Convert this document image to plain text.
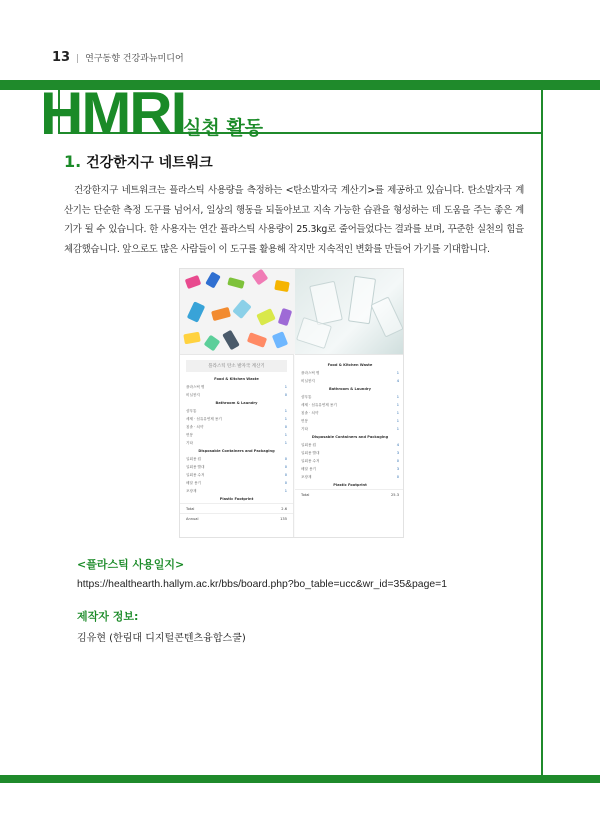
13 | 연구동향 건강과뉴미디어
HMRI
실천 활동
1. 건강한지구 네트워크

건강한지구 네트워크는 플라스틱 사용량을 측정하는 <탄소발자국 계산기>를 제공하고 있습니다. 탄소발자국 계산기는 단순한 측정 도구를 넘어서, 일상의 행동을 되돌아보고 지속 가능한 습관을 형성하는 데 도움을 주는 좋은 계기가 될 수 있습니다. 한 사용자는 연간 플라스틱 사용량이 25.3kg로 줄어들었다는 결과를 보며, 꾸준한 실천의 힘을 체감했습니다. 앞으로도 많은 사람들이 이 도구를 활용해 작지만 지속적인 변화를 만들어 가기를 기대합니다.

플라스틱 탄소 발자국 계산기
Food & Kitchen Waste
플라스틱 병	1
비닐봉지	0
Bathroom & Laundry
샴푸통	1
세제 · 섬유유연제 용기	1
칫솔 · 치약	0
면봉	1
기타	1
Disposable Containers and Packaging
일회용 컵	0
일회용 빨대	0
일회용 수저	0
배달 용기	0
포장재	1
Plastic Footprint
Total	2.6
Annual	135
Food & Kitchen Waste
플라스틱 병	1
비닐봉지	4
Bathroom & Laundry
샴푸통	1
세제 · 섬유유연제 용기	1
칫솔 · 치약	1
면봉	1
기타	1
Disposable Containers and Packaging
일회용 컵	4
일회용 빨대	3
일회용 수저	0
배달 용기	3
포장재	0
Plastic Footprint
Total	25.3
<플라스틱 사용일지>
https://healthearth.hallym.ac.kr/bbs/board.php?bo_table=ucc&wr_id=35&page=1
제작자 정보:
김유현 (한림대 디지털콘텐츠융합스쿨)
